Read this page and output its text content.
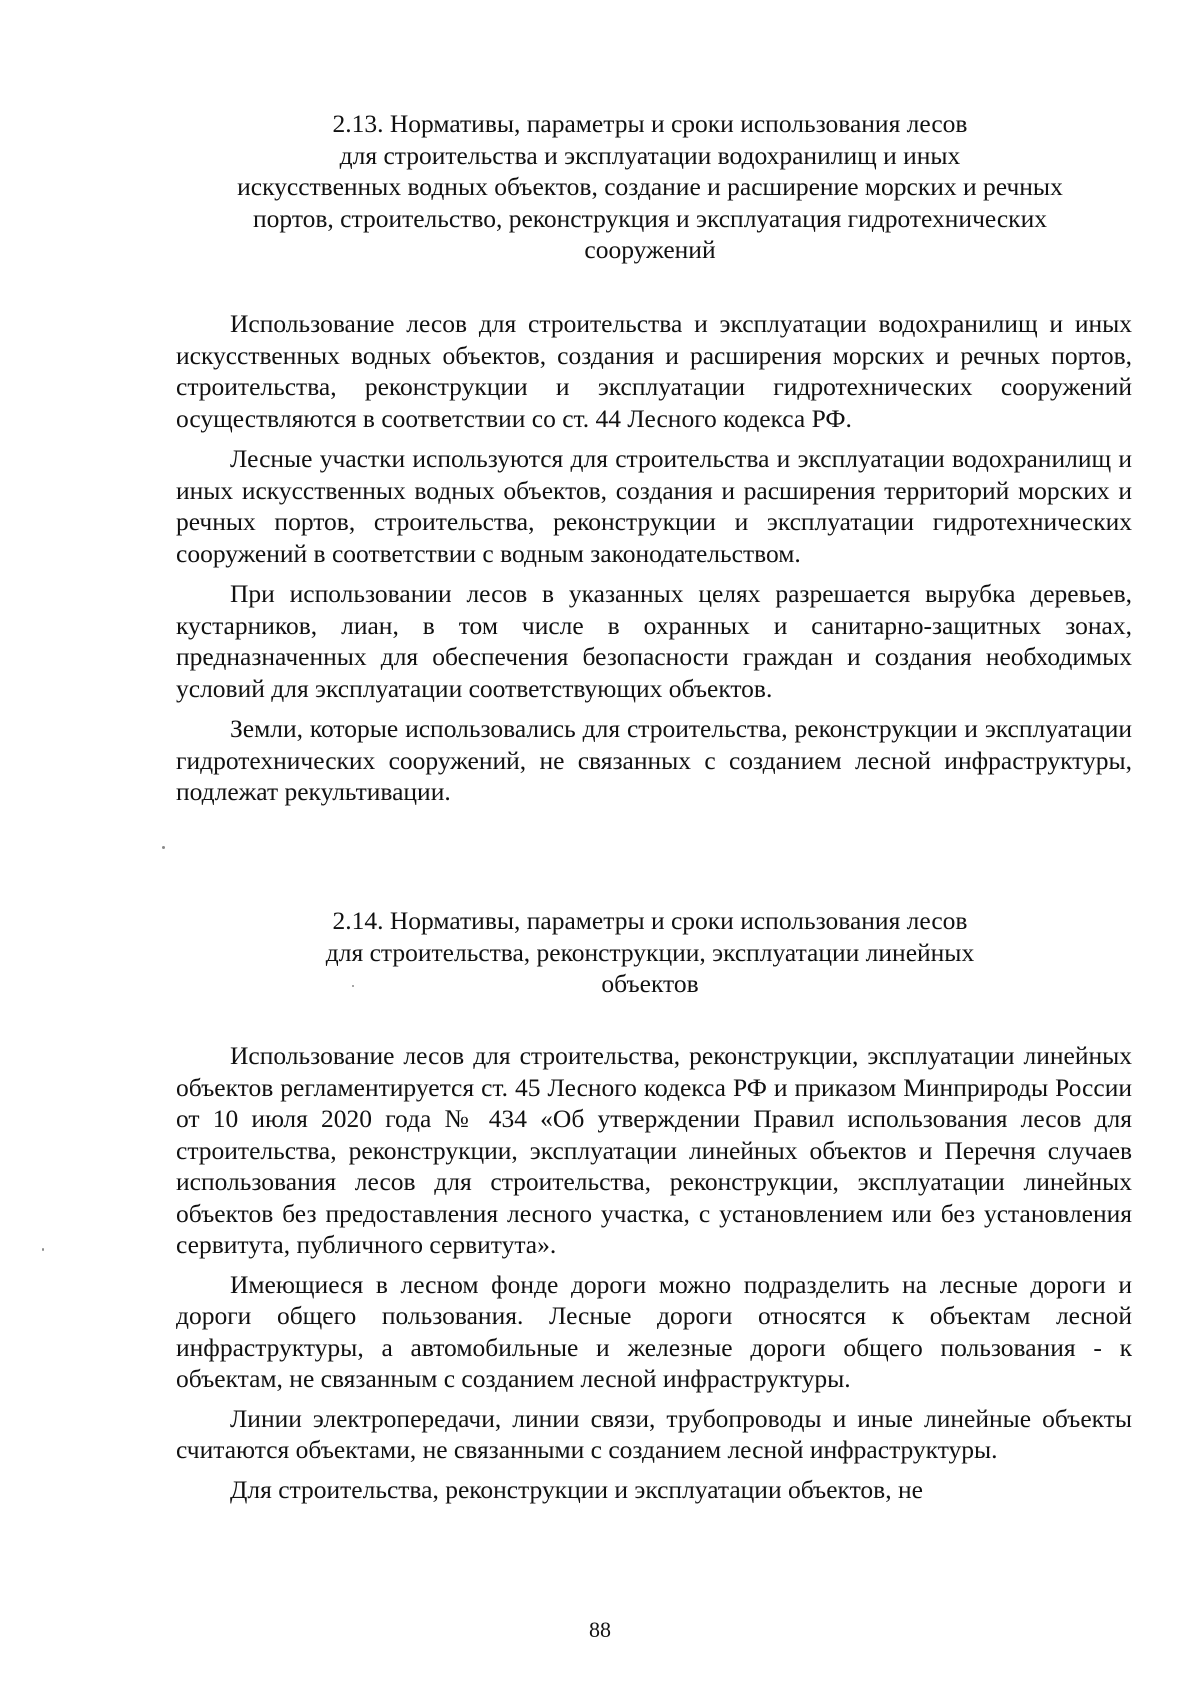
2.13. Нормативы, параметры и сроки использования лесов
для строительства и эксплуатации водохранилищ и иных
искусственных водных объектов, создание и расширение морских и речных
портов, строительство, реконструкция и эксплуатация гидротехнических
сооружений

Использование лесов для строительства и эксплуатации водохранилищ и иных искусственных водных объектов, создания и расширения морских и речных портов, строительства, реконструкции и эксплуатации гидротехнических сооружений осуществляются в соответствии со ст. 44 Лесного кодекса РФ.

Лесные участки используются для строительства и эксплуатации водохранилищ и иных искусственных водных объектов, создания и расширения территорий морских и речных портов, строительства, реконструкции и эксплуатации гидротехнических сооружений в соответствии с водным законодательством.

При использовании лесов в указанных целях разрешается вырубка деревьев, кустарников, лиан, в том числе в охранных и санитарно-защитных зонах, предназначенных для обеспечения безопасности граждан и создания необходимых условий для эксплуатации соответствующих объектов.

Земли, которые использовались для строительства, реконструкции и эксплуатации гидротехнических сооружений, не связанных с созданием лесной инфраструктуры, подлежат рекультивации.

2.14. Нормативы, параметры и сроки использования лесов
для строительства, реконструкции, эксплуатации линейных
объектов

Использование лесов для строительства, реконструкции, эксплуатации линейных объектов регламентируется ст. 45 Лесного кодекса РФ и приказом Минприроды России от 10 июля 2020 года № 434 «Об утверждении Правил использования лесов для строительства, реконструкции, эксплуатации линейных объектов и Перечня случаев использования лесов для строительства, реконструкции, эксплуатации линейных объектов без предоставления лесного участка, с установлением или без установления сервитута, публичного сервитута».

Имеющиеся в лесном фонде дороги можно подразделить на лесные дороги и дороги общего пользования. Лесные дороги относятся к объектам лесной инфраструктуры, а автомобильные и железные дороги общего пользования - к объектам, не связанным с созданием лесной инфраструктуры.

Линии электропередачи, линии связи, трубопроводы и иные линейные объекты считаются объектами, не связанными с созданием лесной инфраструктуры.

Для строительства, реконструкции и эксплуатации объектов, не

88
